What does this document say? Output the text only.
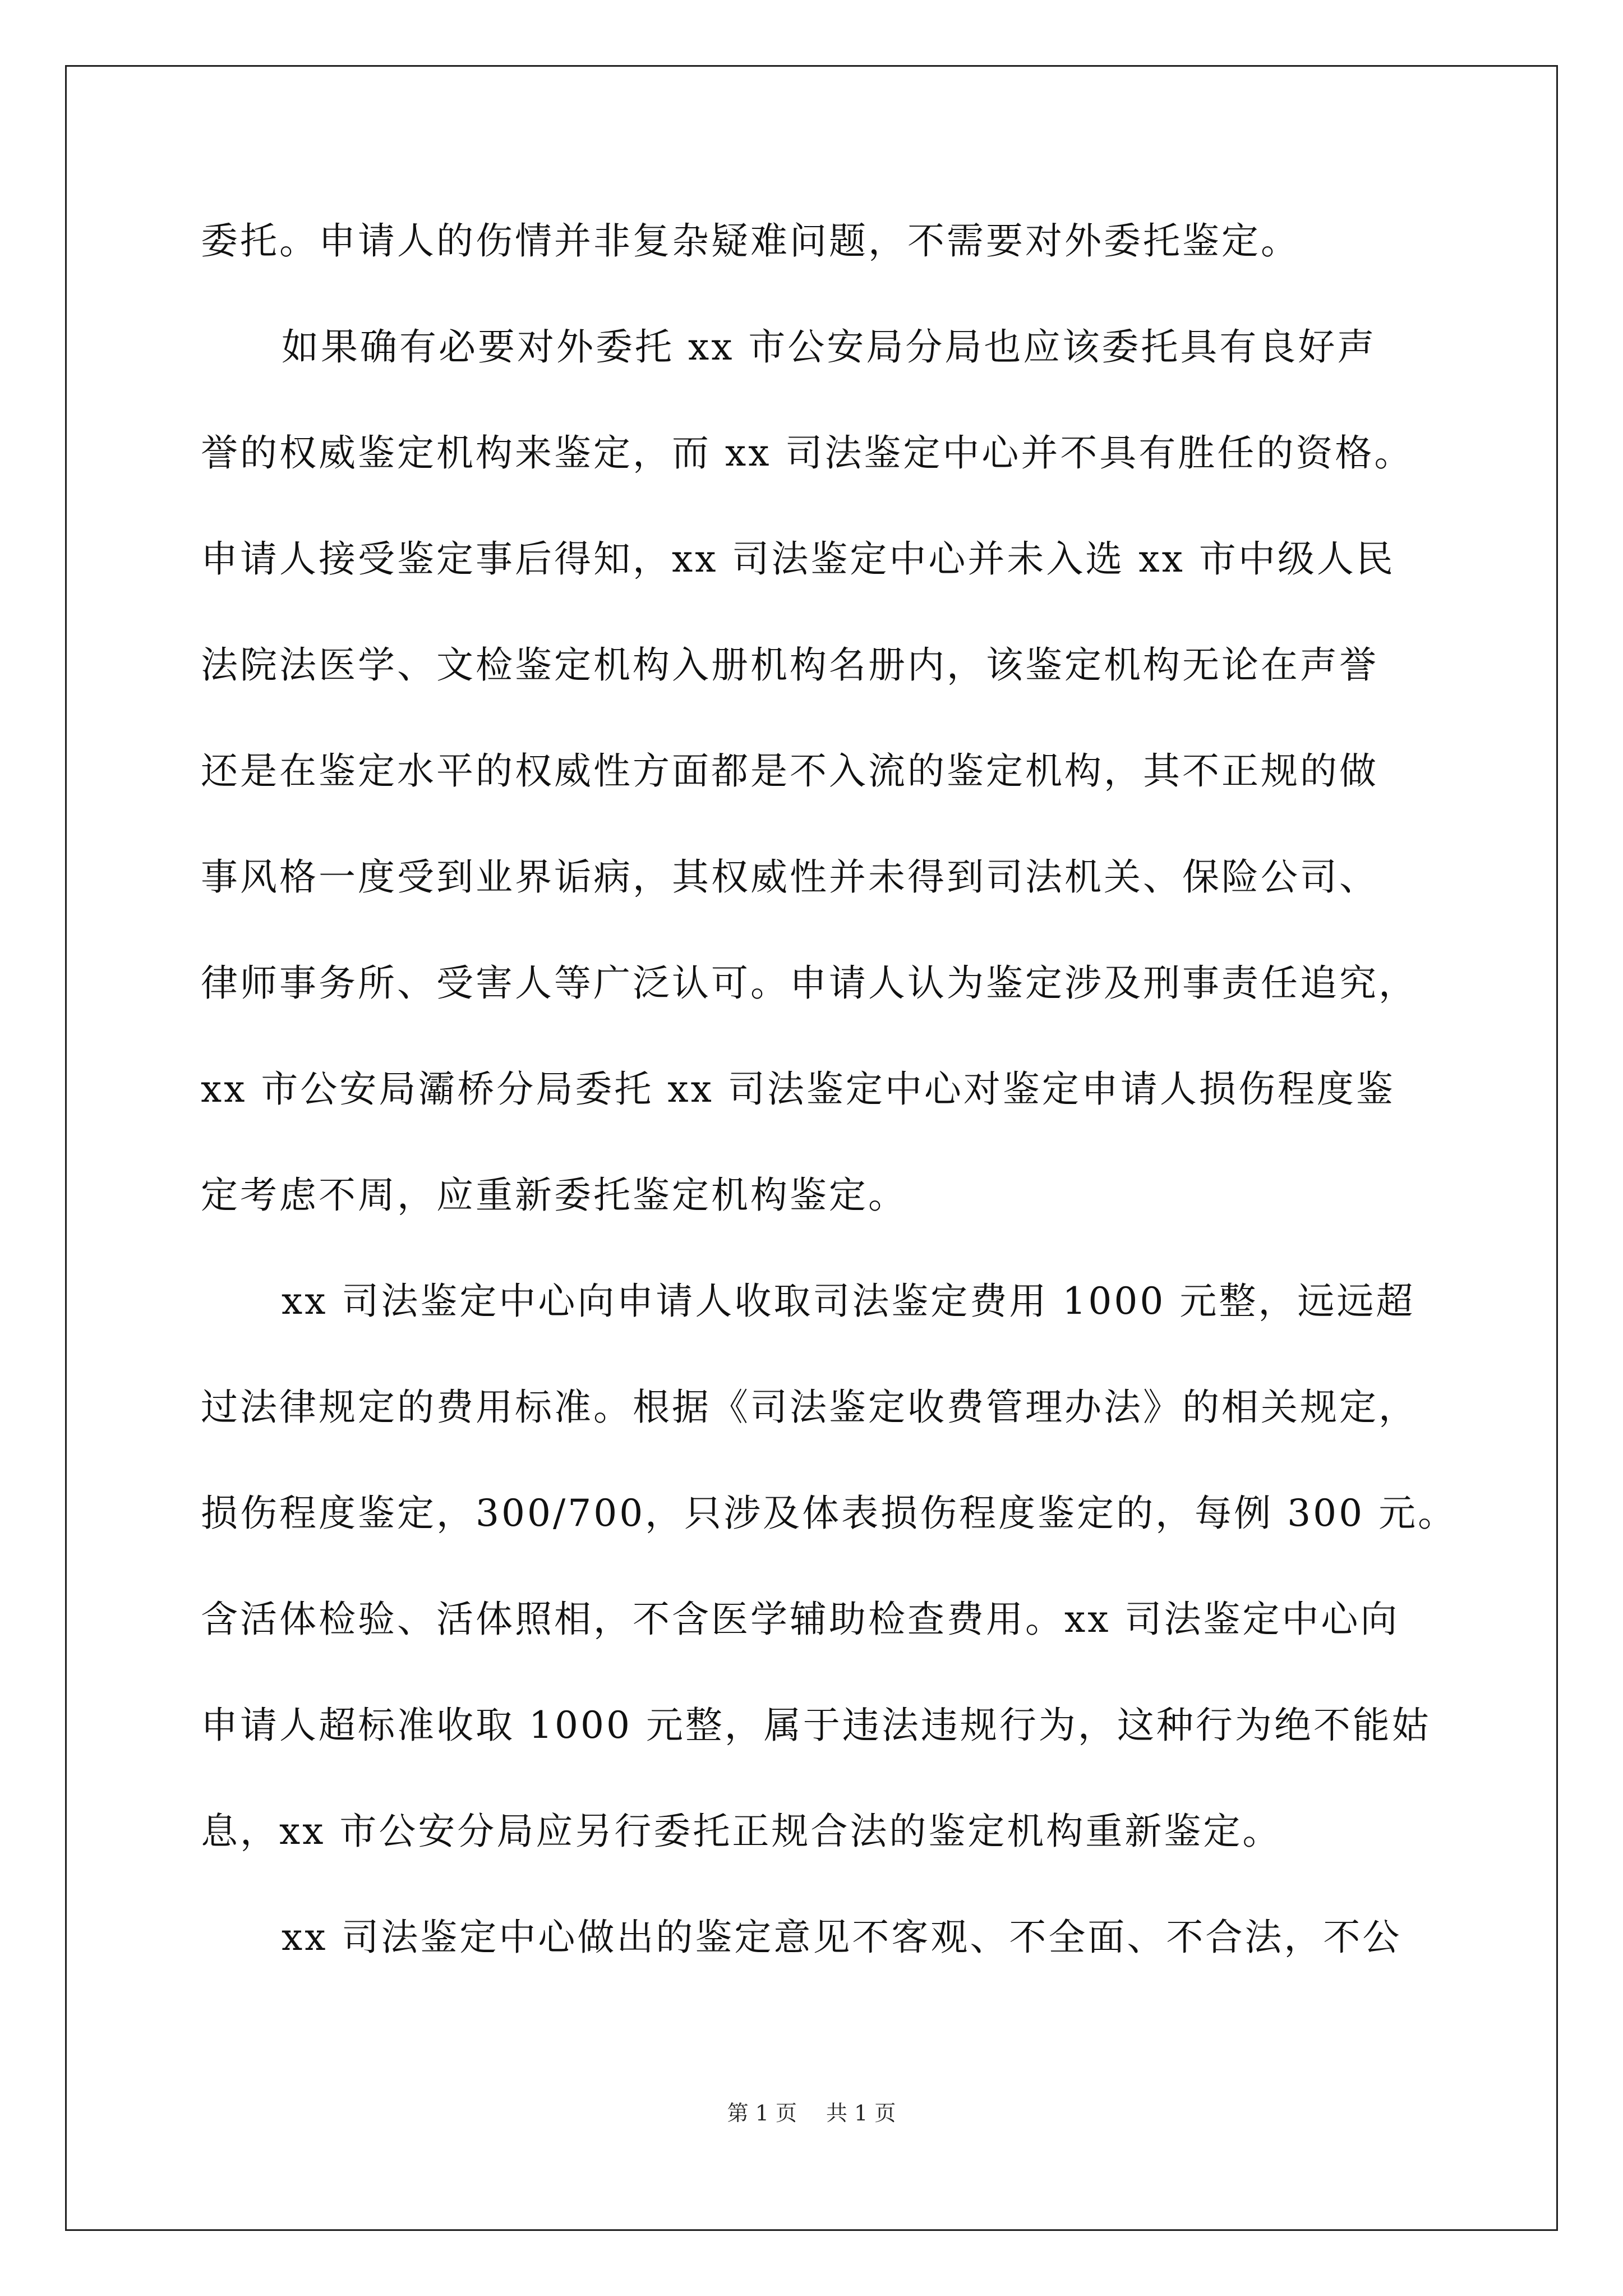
委托。申请人的伤情并非复杂疑难问题，不需要对外委托鉴定。
如果确有必要对外委托 xx 市公安局分局也应该委托具有良好声
誉的权威鉴定机构来鉴定，而 xx 司法鉴定中心并不具有胜任的资格。
申请人接受鉴定事后得知，xx 司法鉴定中心并未入选 xx 市中级人民
法院法医学、文检鉴定机构入册机构名册内，该鉴定机构无论在声誉
还是在鉴定水平的权威性方面都是不入流的鉴定机构，其不正规的做
事风格一度受到业界诟病，其权威性并未得到司法机关、保险公司、
律师事务所、受害人等广泛认可。申请人认为鉴定涉及刑事责任追究，
xx 市公安局灞桥分局委托 xx 司法鉴定中心对鉴定申请人损伤程度鉴
定考虑不周，应重新委托鉴定机构鉴定。
xx 司法鉴定中心向申请人收取司法鉴定费用 1000 元整，远远超
过法律规定的费用标准。根据《司法鉴定收费管理办法》的相关规定，
损伤程度鉴定，300/700，只涉及体表损伤程度鉴定的，每例 300 元。
含活体检验、活体照相，不含医学辅助检查费用。xx 司法鉴定中心向
申请人超标准收取 1000 元整，属于违法违规行为，这种行为绝不能姑
息，xx 市公安分局应另行委托正规合法的鉴定机构重新鉴定。
xx 司法鉴定中心做出的鉴定意见不客观、不全面、不合法，不公
第 1 页 共 1 页
